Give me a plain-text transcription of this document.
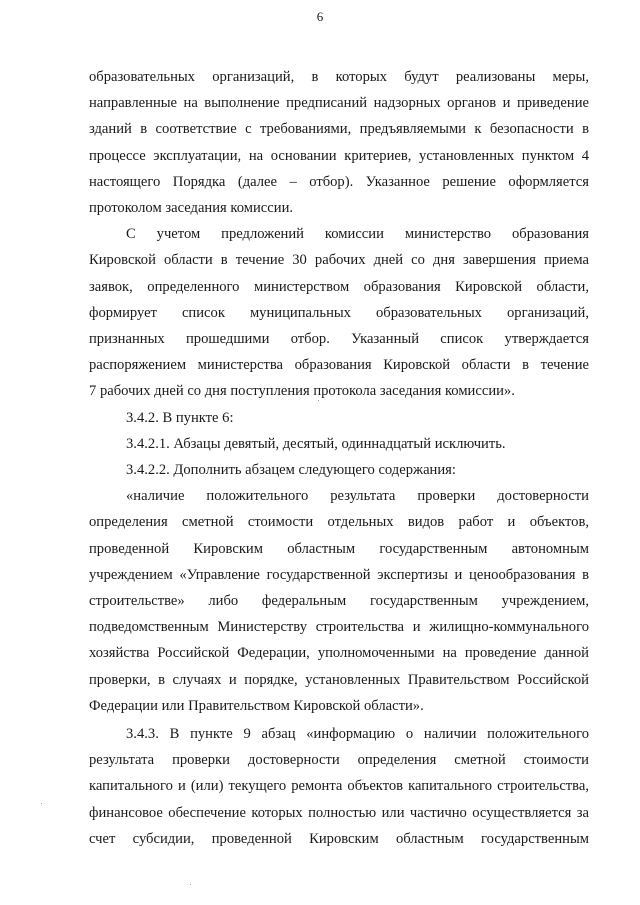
6

образовательных организаций, в которых будут реализованы меры,

направленные на выполнение предписаний надзорных органов и приведение

зданий в соответствие с требованиями, предъявляемыми к безопасности в

процессе эксплуатации, на основании критериев, установленных пунктом 4

настоящего Порядка (далее – отбор). Указанное решение оформляется

протоколом заседания комиссии.

С учетом предложений комиссии министерство образования

Кировской области в течение 30 рабочих дней со дня завершения приема

заявок, определенного министерством образования Кировской области,

формирует список муниципальных образовательных организаций,

признанных прошедшими отбор. Указанный список утверждается

распоряжением министерства образования Кировской области в течение

7 рабочих дней со дня поступления протокола заседания комиссии».

3.4.2. В пункте 6:

3.4.2.1. Абзацы девятый, десятый, одиннадцатый исключить.

3.4.2.2. Дополнить абзацем следующего содержания:

«наличие положительного результата проверки достоверности

определения сметной стоимости отдельных видов работ и объектов,

проведенной Кировским областным государственным автономным

учреждением «Управление государственной экспертизы и ценообразования в

строительстве» либо федеральным государственным учреждением,

подведомственным Министерству строительства и жилищно-коммунального

хозяйства Российской Федерации, уполномоченными на проведение данной

проверки, в случаях и порядке, установленных Правительством Российской

Федерации или Правительством Кировской области».

3.4.3. В пункте 9 абзац «информацию о наличии положительного

результата проверки достоверности определения сметной стоимости

капитального и (или) текущего ремонта объектов капитального строительства,

финансовое обеспечение которых полностью или частично осуществляется за

счет субсидии, проведенной Кировским областным государственным
